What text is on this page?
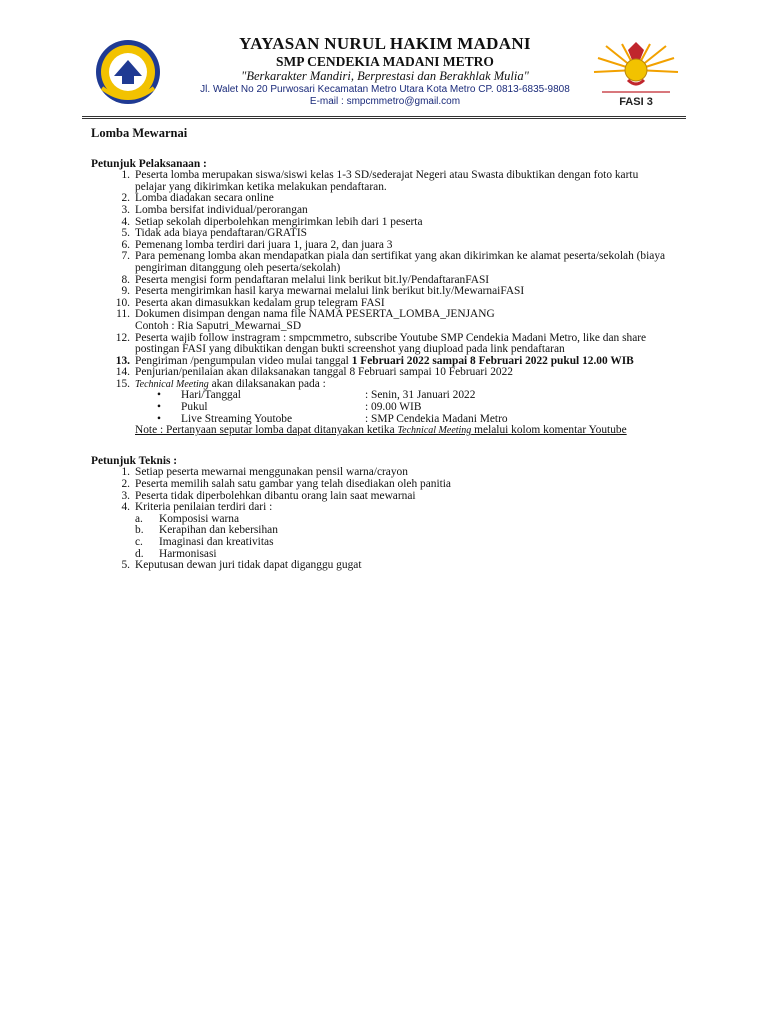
FASI 3
YAYASAN NURUL HAKIM MADANI
SMP CENDEKIA MADANI METRO
"Berkarakter Mandiri, Berprestasi dan Berakhlak Mulia"
Jl. Walet No 20 Purwosari Kecamatan Metro Utara Kota Metro CP. 0813-6835-9808
E-mail : smpcmmetro@gmail.com
Lomba Mewarnai
Petunjuk Pelaksanaan :
1. Peserta lomba merupakan siswa/siswi kelas 1-3 SD/sederajat Negeri atau Swasta dibuktikan dengan foto kartu pelajar yang dikirimkan ketika melakukan pendaftaran.
2. Lomba diadakan secara online
3. Lomba bersifat individual/perorangan
4. Setiap sekolah diperbolehkan mengirimkan lebih dari 1 peserta
5. Tidak ada biaya pendaftaran/GRATIS
6. Pemenang lomba terdiri dari juara 1, juara 2, dan juara 3
7. Para pemenang lomba akan mendapatkan piala dan sertifikat yang akan dikirimkan ke alamat peserta/sekolah (biaya pengiriman ditanggung oleh peserta/sekolah)
8. Peserta mengisi form pendaftaran melalui link berikut bit.ly/PendaftaranFASI
9. Peserta mengirimkan hasil karya mewarnai melalui link berikut bit.ly/MewarnaiFASI
10. Peserta akan dimasukkan kedalam grup telegram FASI
11. Dokumen disimpan dengan nama file NAMA PESERTA_LOMBA_JENJANG
Contoh : Ria Saputri_Mewarnai_SD
12. Peserta wajib follow instragram : smpcmmetro, subscribe Youtube SMP Cendekia Madani Metro, like dan share postingan FASI yang dibuktikan dengan bukti screenshot yang diupload pada link pendaftaran
13. Pengiriman /pengumpulan video mulai tanggal 1 Februari 2022 sampai 8 Februari 2022 pukul 12.00 WIB
14. Penjurian/penilaian akan dilaksanakan tanggal 8 Februari sampai 10 Februari 2022
15. Technical Meeting akan dilaksanakan pada :
•	Hari/Tanggal	: Senin, 31 Januari 2022
•	Pukul	: 09.00 WIB
•	Live Streaming Youtobe	: SMP Cendekia Madani Metro
Note : Pertanyaan seputar lomba dapat ditanyakan ketika Technical Meeting melalui kolom komentar Youtube
Petunjuk Teknis :
1. Setiap peserta mewarnai menggunakan pensil warna/crayon
2. Peserta memilih salah satu gambar yang telah disediakan oleh panitia
3. Peserta tidak diperbolehkan dibantu orang lain saat mewarnai
4. Kriteria penilaian terdiri dari :
a. Komposisi warna
b. Kerapihan dan kebersihan
c. Imaginasi dan kreativitas
d. Harmonisasi
5. Keputusan dewan juri tidak dapat diganggu gugat
